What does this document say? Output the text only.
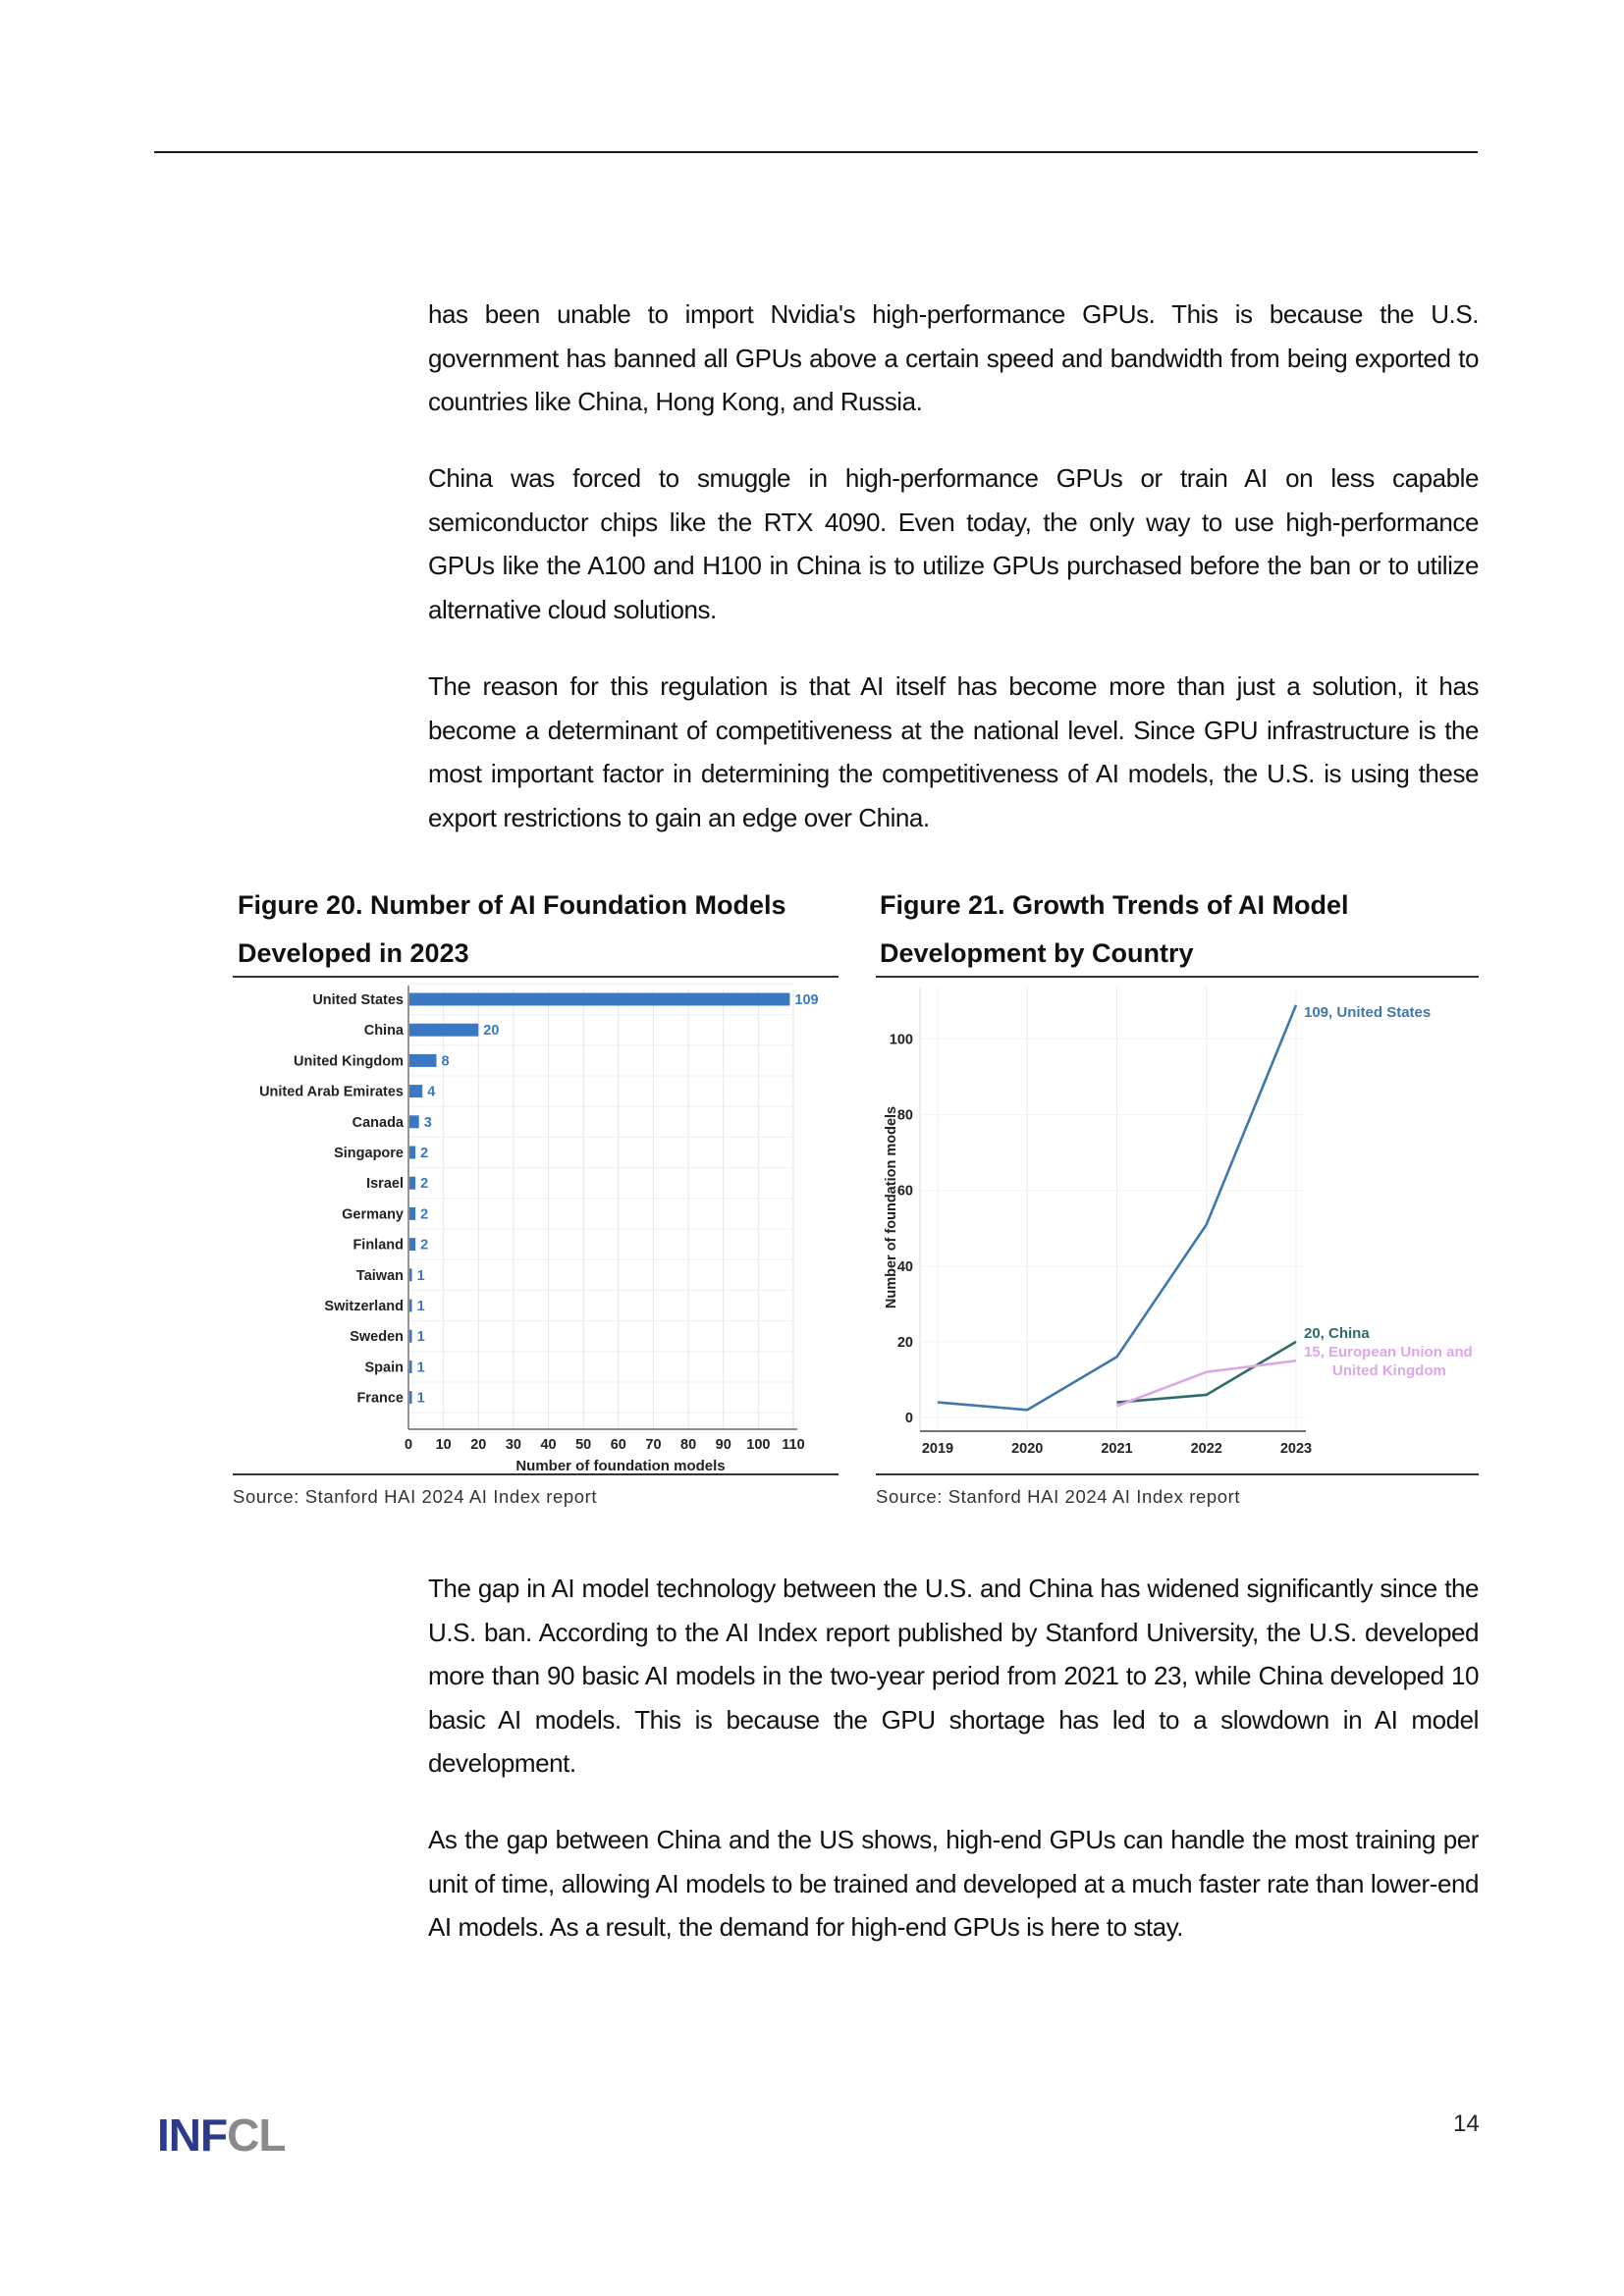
has been unable to import Nvidia's high-performance GPUs. This is because the U.S. government has banned all GPUs above a certain speed and bandwidth from being exported to countries like China, Hong Kong, and Russia.

China was forced to smuggle in high-performance GPUs or train AI on less capable semiconductor chips like the RTX 4090. Even today, the only way to use high-performance GPUs like the A100 and H100 in China is to utilize GPUs purchased before the ban or to utilize alternative cloud solutions.

The reason for this regulation is that AI itself has become more than just a solution, it has become a determinant of competitiveness at the national level. Since GPU infrastructure is the most important factor in determining the competitiveness of AI models, the U.S. is using these export restrictions to gain an edge over China.

Figure 20. Number of AI Foundation Models
Developed in 2023
United States	109
China	20
United Kingdom	8
United Arab Emirates 4
Canada 3
Singapore 2
Israel 2
Germany 2
Finland 2
Taiwan 1
Switzerland 1
Sweden 1
Spain 1
France 1
0 10 20 30 40 50 60 70 80 90 100 110
Number of foundation models
Source: Stanford HAI 2024 AI Index report
Figure 21. Growth Trends of AI Model
Development by Country
0
20
40
60
80
100
2019	2020	2021	2022	2023
Number of foundation models
109, United States
20, China
15, European Union and
United Kingdom
Source: Stanford HAI 2024 AI Index report

The gap in AI model technology between the U.S. and China has widened significantly since the U.S. ban. According to the AI Index report published by Stanford University, the U.S. developed more than 90 basic AI models in the two-year period from 2021 to 23, while China developed 10 basic AI models. This is because the GPU shortage has led to a slowdown in AI model development.

As the gap between China and the US shows, high-end GPUs can handle the most training per unit of time, allowing AI models to be trained and developed at a much faster rate than lower-end AI models. As a result, the demand for high-end GPUs is here to stay.

INFCL	14
